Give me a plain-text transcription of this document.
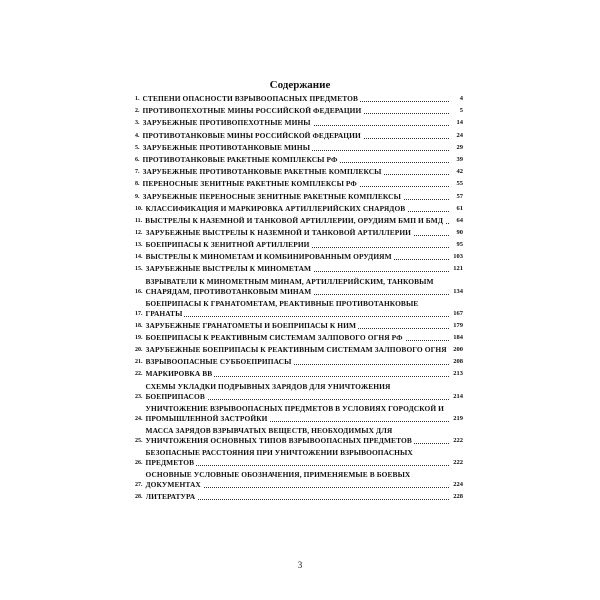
Содержание
1. СТЕПЕНИ ОПАСНОСТИ ВЗРЫВООПАСНЫХ ПРЕДМЕТОВ	4
2. ПРОТИВОПЕХОТНЫЕ МИНЫ РОССИЙСКОЙ ФЕДЕРАЦИИ	5
3. ЗАРУБЕЖНЫЕ ПРОТИВОПЕХОТНЫЕ МИНЫ	14
4. ПРОТИВОТАНКОВЫЕ МИНЫ РОССИЙСКОЙ ФЕДЕРАЦИИ	24
5. ЗАРУБЕЖНЫЕ ПРОТИВОТАНКОВЫЕ МИНЫ	29
6. ПРОТИВОТАНКОВЫЕ РАКЕТНЫЕ КОМПЛЕКСЫ РФ	39
7. ЗАРУБЕЖНЫЕ ПРОТИВОТАНКОВЫЕ РАКЕТНЫЕ КОМПЛЕКСЫ	42
8. ПЕРЕНОСНЫЕ ЗЕНИТНЫЕ РАКЕТНЫЕ КОМПЛЕКСЫ РФ	55
9. ЗАРУБЕЖНЫЕ ПЕРЕНОСНЫЕ ЗЕНИТНЫЕ РАКЕТНЫЕ КОМПЛЕКСЫ	57
10. КЛАССИФИКАЦИЯ И МАРКИРОВКА АРТИЛЛЕРИЙСКИХ СНАРЯДОВ	61
11. ВЫСТРЕЛЫ К НАЗЕМНОЙ И ТАНКОВОЙ АРТИЛЛЕРИИ, ОРУДИЯМ БМП И БМД	64
12. ЗАРУБЕЖНЫЕ ВЫСТРЕЛЫ К НАЗЕМНОЙ И ТАНКОВОЙ АРТИЛЛЕРИИ	90
13. БОЕПРИПАСЫ К ЗЕНИТНОЙ АРТИЛЛЕРИИ	95
14. ВЫСТРЕЛЫ К МИНОМЕТАМ И КОМБИНИРОВАННЫМ ОРУДИЯМ	103
15. ЗАРУБЕЖНЫЕ ВЫСТРЕЛЫ К МИНОМЕТАМ	121
16.
ВЗРЫВАТЕЛИ К МИНОМЕТНЫМ МИНАМ, АРТИЛЛЕРИЙСКИМ, ТАНКОВЫМ СНАРЯДАМ, ПРОТИВОТАНКОВЫМ МИНАМ	134
17.
БОЕПРИПАСЫ К ГРАНАТОМЕТАМ, РЕАКТИВНЫЕ ПРОТИВОТАНКОВЫЕ ГРАНАТЫ	167
18. ЗАРУБЕЖНЫЕ ГРАНАТОМЕТЫ И БОЕПРИПАСЫ К НИМ	179
19. БОЕПРИПАСЫ К РЕАКТИВНЫМ СИСТЕМАМ ЗАЛПОВОГО ОГНЯ РФ	184
20. ЗАРУБЕЖНЫЕ БОЕПРИПАСЫ К РЕАКТИВНЫМ СИСТЕМАМ ЗАЛПОВОГО ОГНЯ	200
21. ВЗРЫВООПАСНЫЕ СУББОЕПРИПАСЫ	208
22. МАРКИРОВКА ВВ	213
23.
СХЕМЫ УКЛАДКИ ПОДРЫВНЫХ ЗАРЯДОВ ДЛЯ УНИЧТОЖЕНИЯ БОЕПРИПАСОВ	214
24.
УНИЧТОЖЕНИЕ ВЗРЫВООПАСНЫХ ПРЕДМЕТОВ В УСЛОВИЯХ ГОРОДСКОЙ И ПРОМЫШЛЕННОЙ ЗАСТРОЙКИ	219
25.
МАССА ЗАРЯДОВ ВЗРЫВЧАТЫХ ВЕЩЕСТВ, НЕОБХОДИМЫХ ДЛЯ УНИЧТОЖЕНИЯ ОСНОВНЫХ ТИПОВ ВЗРЫВООПАСНЫХ ПРЕДМЕТОВ	222
26.
БЕЗОПАСНЫЕ РАССТОЯНИЯ ПРИ УНИЧТОЖЕНИИ ВЗРЫВООПАСНЫХ ПРЕДМЕТОВ	222
27.
ОСНОВНЫЕ УСЛОВНЫЕ ОБОЗНАЧЕНИЯ, ПРИМЕНЯЕМЫЕ В БОЕВЫХ ДОКУМЕНТАХ	224
28. ЛИТЕРАТУРА	228
3
